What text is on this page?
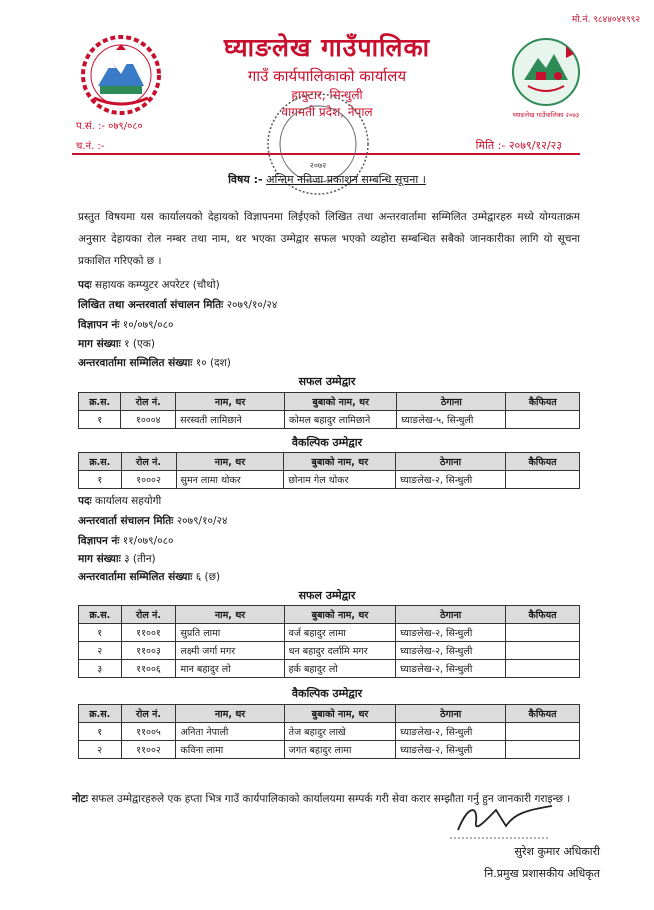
मो.नं. ९८४४०४१९९२
घ्याङलेख गाउँपालिका २०७३
घ्याङलेख गाउँपालिका
गाउँ कार्यपालिकाको कार्यालय
हायुटार, सिन्धुली
वागमती प्रदेश, नेपाल
प.सं. :- ०७९/०८०
च.नं. :-	मिति :- २०७९/१२/२३
२०७२
विषय :- अन्तिम नतिजा प्रकाशन सम्बन्धि सूचना ।
प्रस्तुत विषयमा यस कार्यालयको देहायको विज्ञापनमा लिईएको लिखित तथा अन्तरवार्तामा सम्मिलित उम्मेद्वारहरु मध्ये योग्यताक्रम अनुसार देहायका रोल नम्बर तथा नाम, थर भएका उम्मेद्वार सफल भएको व्यहोरा सम्बन्धित सबैको जानकारीका लागि यो सूचना प्रकाशित गरिएको छ ।
पदः सहायक कम्प्युटर अपरेटर (चौथो)
लिखित तथा अन्तरवार्ता संचालन मितिः २०७९/१०/२४
विज्ञापन नंः १०/०७९/०८०
माग संख्याः १ (एक)
अन्तरवार्तामा सम्मिलित संख्याः १० (दश)
सफल उम्मेद्वार
क्र.स.	रोल नं.	नाम, थर	बुबाको नाम, थर	ठेगाना	कैफियत
१	१०००४	सरस्वती लामिछाने	कोमल बहादुर लामिछाने	घ्याङलेख-५, सिन्धुली	
वैकल्पिक उम्मेद्वार
क्र.स.	रोल नं.	नाम, थर	बुबाको नाम, थर	ठेगाना	कैफियत
१	१०००२	सुमन लामा थोकर	छोनाम गेल थोकर	घ्याङलेख-२, सिन्धुली	
पदः कार्यालय सहयोगी
अन्तरवार्ता संचालन मितिः २०७९/१०/२४
विज्ञापन नंः ११/०७९/०८०
माग संख्याः ३ (तीन)
अन्तरवार्तामा सम्मिलित संख्याः ६ (छ)
सफल उम्मेद्वार
क्र.स.	रोल नं.	नाम, थर	बुबाको नाम, थर	ठेगाना	कैफियत
१	११००१	सुप्रति लामा	वर्ज बहादुर लामा	घ्याङलेख-२, सिन्धुली	
२	११००३	लक्ष्मी जर्गा मगर	धन बहादुर दर्लामि मगर	घ्याङलेख-२, सिन्धुली	
३	११००६	मान बहादुर लो	हर्क बहादुर लो	घ्याङलेख-२, सिन्धुली	
वैकल्पिक उम्मेद्वार
क्र.स.	रोल नं.	नाम, थर	बुबाको नाम, थर	ठेगाना	कैफियत
१	११००५	अनिता नेपाली	तेज बहादुर लाखे	घ्याङलेख-२, सिन्धुली	
२	११००२	कविना लामा	जगत बहादुर लामा	घ्याङलेख-२, सिन्धुली	
नोटः सफल उम्मेद्वारहरुले एक हप्ता भित्र गाउँ कार्यपालिकाको कार्यालयमा सम्पर्क गरी सेवा करार सम्झौता गर्नु हुन जानकारी गराइन्छ ।
सुरेश कुमार अधिकारी
नि.प्रमुख प्रशासकीय अधिकृत
